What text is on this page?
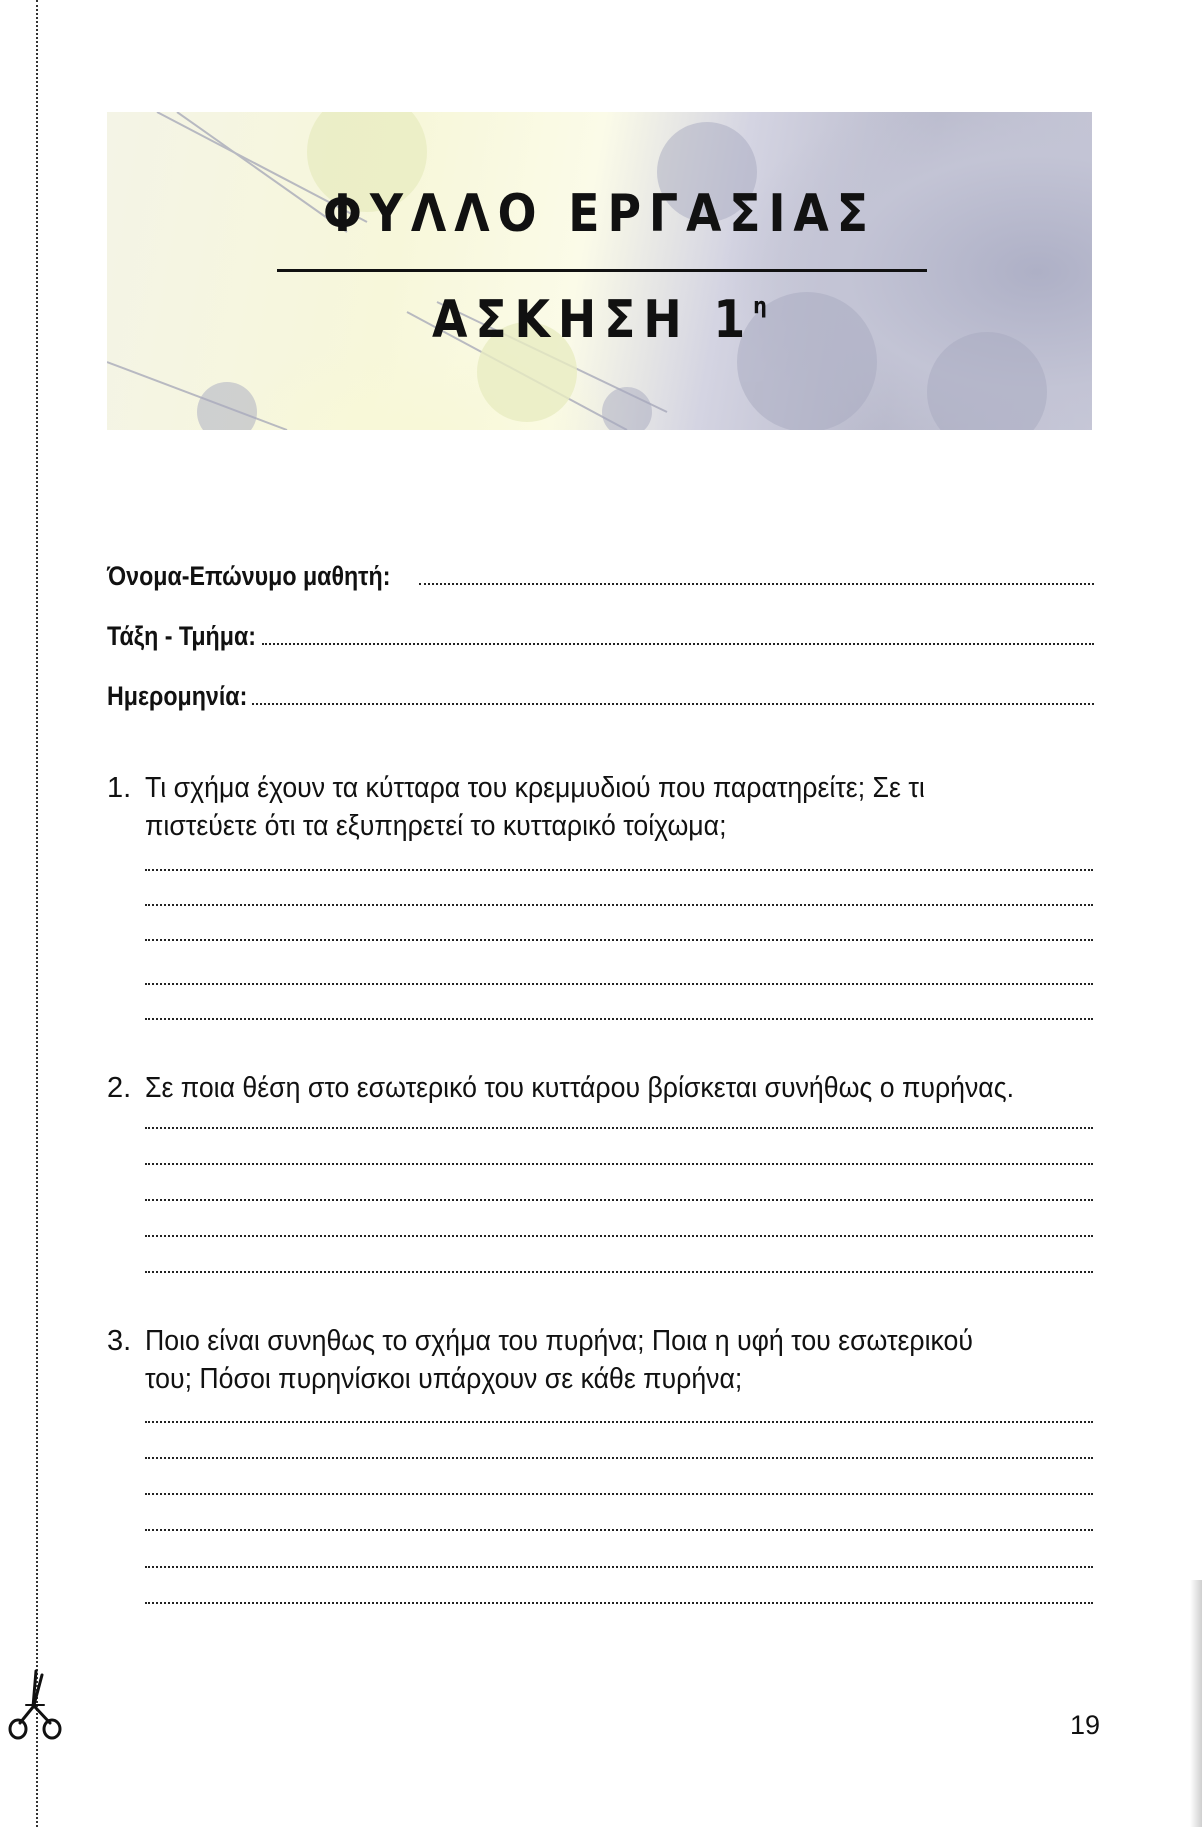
ΦΥΛΛΟ ΕΡΓΑΣΙΑΣ
ΑΣΚΗΣΗ $1^\eta$
Όνομα-Επώνυμο μαθητή:
Τάξη - Τμήμα:
Ημερομηνία:
1. Τι σχήμα έχουν τα κύτταρα του κρεμμυδιού που παρατηρείτε; Σε τι πιστεύετε ότι τα εξυπηρετεί το κυτταρικό τοίχωμα;
2. Σε ποια θέση στο εσωτερικό του κυττάρου βρίσκεται συνήθως ο πυρήνας.
3. Ποιο είναι συνηθως το σχήμα του πυρήνα; Ποια η υφή του εσωτερικού του; Πόσοι πυρηνίσκοι υπάρχουν σε κάθε πυρήνα;
19
